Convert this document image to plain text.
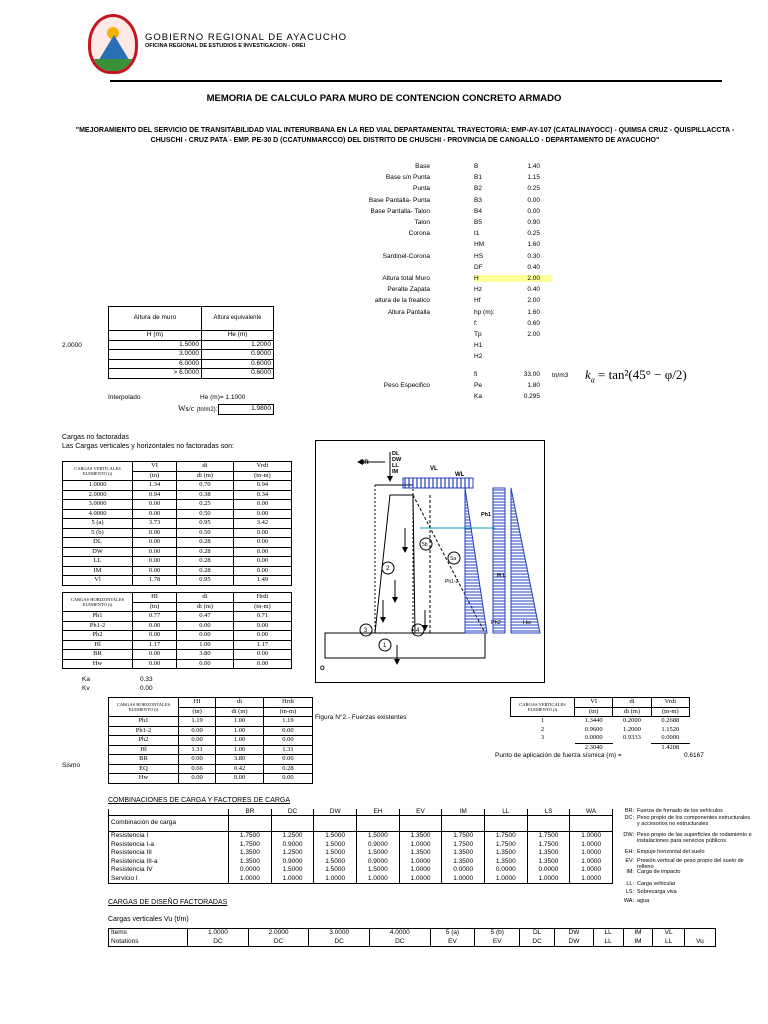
GOBIERNO REGIONAL DE AYACUCHO
OFICINA REGIONAL DE ESTUDIOS E INVESTIGACION - OREI
MEMORIA DE CALCULO PARA MURO DE CONTENCION CONCRETO ARMADO
"MEJORAMIENTO DEL SERVICIO DE TRANSITABILIDAD VIAL INTERURBANA EN LA RED VIAL DEPARTAMENTAL TRAYECTORIA: EMP-AY-107 (CATALINAYOCC) - QUIMSA CRUZ - QUISPILLACCTA - CHUSCHI - CRUZ PATA - EMP. PE-30 D (CCATUNMARCCO) DEL DISTRITO DE CHUSCHI - PROVINCIA DE CANGALLO - DEPARTAMENTO DE AYACUCHO"
Base	B	1.40
Base s/n Punta	B1	1.15
Punta	B2	0.25
Base Pantalla- Punta	B3	0.00
Base Pantalla- Talon	B4	0.00
Talon	B5	0.90
Corona	t1	0.25
HM	1.60
Sardinel-Corona	HS	0.30
DF	0.40
Altura total Muro	H	2.00
Peralte Zapata	Hz	0.40
altura de la freatico	Hf	2.00
Altura Pantalla	hp (m):	1.60
f:	0.60
Tp	2.00
H1
H2
fi	33.00
Peso Especifico	Pe	1.80
Ka	0.295
tn/m3 $k_a = \tan^2(45^\circ - \varphi/2)$
2.0000
Altura de muro	Altura equivalente
H (m)	He (m)
1.5000	1.2000
3.0000	0.9000
6.0000	0.6000
> 6.0000	0.6000
Interpolado	He (m)= 1.1000
Ws/c (tn/m2):	1.9800
Cargas no factoradas
Las Cargas verticales y horizontales no factoradas son:
CARGAS VERTICALES ELEMENTO (i)	VI	di	Vrdi
	(tn)	di (m)	(tn-m)
1.0000	1.34	0.70	0.94
2.0000	0.94	0.38	0.34
3.0000	0.00	0.25	0.00
4.0000	0.00	0.50	0.00
5 (a)	3.73	0.95	3.42
5 (b)	0.00	0.50	0.00
DL	0.00	0.28	0.00
DW	0.00	0.28	0.00
LL	0.00	0.28	0.00
IM	0.00	0.28	0.00
Vl	1.78	0.95	1.49
CARGAS HORIZONTALES ELEMENTO (i)	HI	di	Hrdi
	(tn)	di (m)	(tn-m)
Ph1	0.77	0.47	0.71
Ph1-2	0.00	0.00	0.00
Ph2	0.00	0.00	0.00
Hl	1.17	1.00	1.17
BR	0.00	3.80	0.00
Hw	0.00	0.00	0.00
Ka	0.33
Kv	0.00
Sismo
CARGAS HORIZONTALES ELEMENTO (i)	HI	di	Hrdi
	(tn)	di (m)	(tn-m)
Ph1	1.19	1.00	1.19
Ph1-2	0.00	1.00	0.00
Ph2	0.00	1.00	0.00
Hl	1.31	1.00	1.31
BR	0.00	3.80	0.00
EQ	0.66	0.42	0.28
Hw	0.00	0.00	0.00
Figura N°2.- Fuerzas existentes
CARGAS VERTICALES ELEMENTO (i)	VI	di	Vrdi
	(tn)	di (m)	(tn-m)
1	1.3440	0.2000	0.2688
2	0.9600	1.2000	1.1520
3	0.0000	0.9333	0.0000
	2.3040		1.4208
Punto de aplicación de fuerza sísmica (m) =	0.6167
1
2
3	4
5b
Sa
BR
DL
DW
LL
IM	VL
WL
Ph1
Ph1-2
H L
Ph2	Hw
O
COMBINACIONES DE CARGA Y FACTORES DE CARGA
	BR	DC	DW	EH	EV	IM	LL	LS	WA
Combinación de carga									
Resistencia I	1.7500	1.2500	1.5000	1.5000	1.3500	1.7500	1.7500	1.7500	1.0000
Resistencia I-a	1.7500	0.9000	1.5000	0.9000	1.0000	1.7500	1.7500	1.7500	1.0000
Resistencia III	1.3500	1.2500	1.5000	1.5000	1.3500	1.3500	1.3500	1.3500	1.0000
Resistencia III-a	1.3500	0.9000	1.5000	0.9000	1.0000	1.3500	1.3500	1.3500	1.0000
Resistencia IV	0.0000	1.5000	1.5000	1.5000	1.0000	0.0000	0.0000	0.0000	1.0000
Servicio I	1.0000	1.0000	1.0000	1.0000	1.0000	1.0000	1.0000	1.0000	1.0000
BR: Fuerza de frenado de los vehículos
DC: Peso propio de los componentes estructurales y accesorios no estructurales
DW: Peso propio de las superficies de rodamiento e instalaciones para servicios públicos
EH: Empuje horizontal del suelo
EV: Presión vertical de peso propio del suelo de relleno
IM: Carga de impacto
LL: Carga vehicular
LS: Sobrecarga viva
WA: agua
CARGAS DE DISEÑO FACTORADAS
Cargas verticales Vu (t/m)
Items	1.0000	2.0000	3.0000	4.0000	5 (a)	5 (b)	DL	DW	LL	IM	VL	
Notations	DC	DC	DC	DC	EV	EV	DC	DW	LL	IM	LL	Vu
